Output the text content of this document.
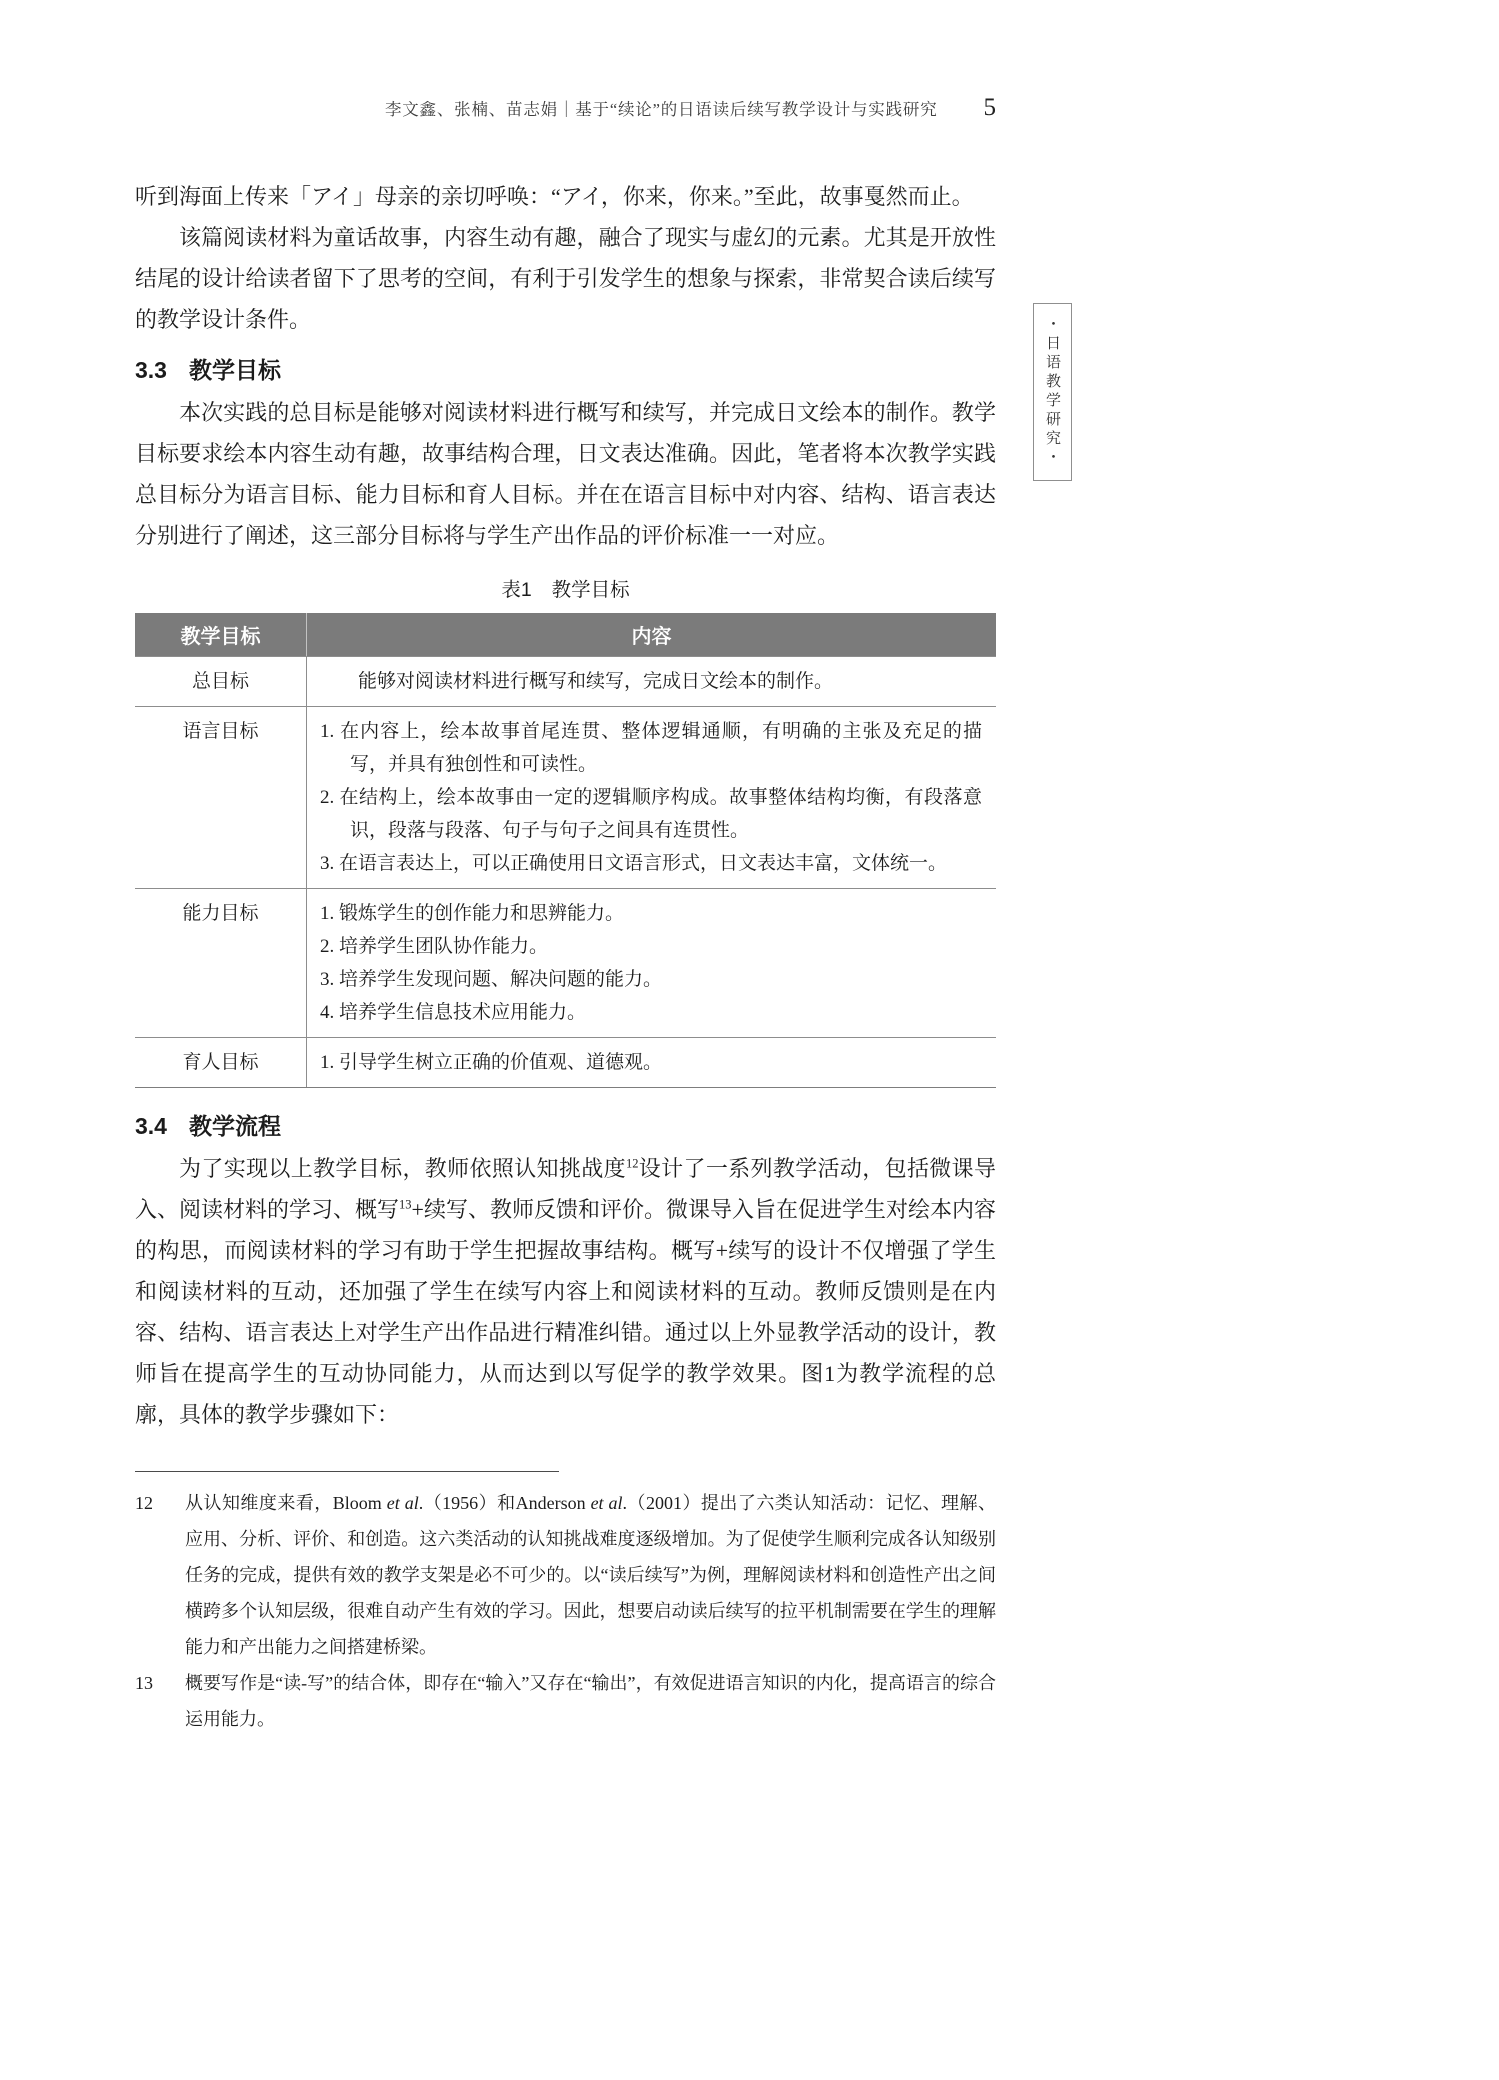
李文鑫、张楠、苗志娟｜基于“续论”的日语读后续写教学设计与实践研究 5
・日语教学研究・

听到海面上传来「アイ」母亲的亲切呼唤：“アイ，你来，你来。”至此，故事戛然而止。

该篇阅读材料为童话故事，内容生动有趣，融合了现实与虚幻的元素。尤其是开放性结尾的设计给读者留下了思考的空间，有利于引发学生的想象与探索，非常契合读后续写的教学设计条件。

3.3 教学目标

本次实践的总目标是能够对阅读材料进行概写和续写，并完成日文绘本的制作。教学目标要求绘本内容生动有趣，故事结构合理，日文表达准确。因此，笔者将本次教学实践总目标分为语言目标、能力目标和育人目标。并在在语言目标中对内容、结构、语言表达分别进行了阐述，这三部分目标将与学生产出作品的评价标准一一对应。

表1 教学目标
教学目标	内容
总目标	能够对阅读材料进行概写和续写，完成日文绘本的制作。
语言目标	1. 在内容上，绘本故事首尾连贯、整体逻辑通顺，有明确的主张及充足的描写，并具有独创性和可读性。
2. 在结构上，绘本故事由一定的逻辑顺序构成。故事整体结构均衡，有段落意识，段落与段落、句子与句子之间具有连贯性。
3. 在语言表达上，可以正确使用日文语言形式，日文表达丰富，文体统一。
能力目标	1. 锻炼学生的创作能力和思辨能力。
2. 培养学生团队协作能力。
3. 培养学生发现问题、解决问题的能力。
4. 培养学生信息技术应用能力。
育人目标	1. 引导学生树立正确的价值观、道德观。
3.4 教学流程

为了实现以上教学目标，教师依照认知挑战度$^{12}$设计了一系列教学活动，包括微课导入、阅读材料的学习、概写$^{13}$+续写、教师反馈和评价。微课导入旨在促进学生对绘本内容的构思，而阅读材料的学习有助于学生把握故事结构。概写+续写的设计不仅增强了学生和阅读材料的互动，还加强了学生在续写内容上和阅读材料的互动。教师反馈则是在内容、结构、语言表达上对学生产出作品进行精准纠错。通过以上外显教学活动的设计，教师旨在提高学生的互动协同能力，从而达到以写促学的教学效果。图1为教学流程的总廓，具体的教学步骤如下：

12	从认知维度来看，Bloom et al.（1956）和Anderson et al.（2001）提出了六类认知活动：记忆、理解、应用、分析、评价、和创造。这六类活动的认知挑战难度逐级增加。为了促使学生顺利完成各认知级别任务的完成，提供有效的教学支架是必不可少的。以“读后续写”为例，理解阅读材料和创造性产出之间横跨多个认知层级，很难自动产生有效的学习。因此，想要启动读后续写的拉平机制需要在学生的理解能力和产出能力之间搭建桥梁。
13	概要写作是“读-写”的结合体，即存在“输入”又存在“输出”，有效促进语言知识的内化，提高语言的综合运用能力。
